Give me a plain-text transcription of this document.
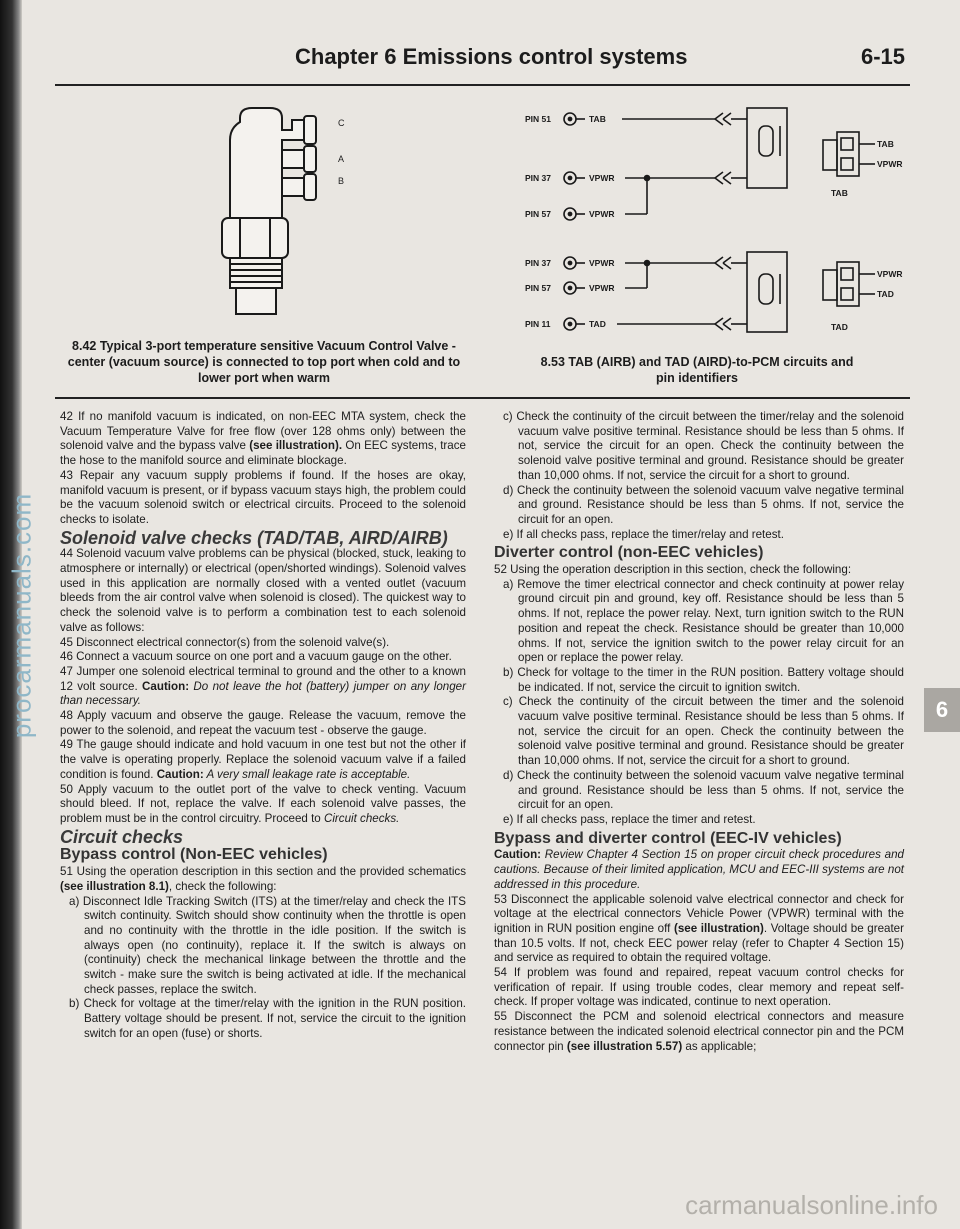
procarmanuals.com
carmanualsonline.info
Chapter 6 Emissions control systems	6-15
C
A
B
8.42 Typical 3-port temperature sensitive Vacuum Control Valve - center (vacuum source) is connected to top port when cold and to lower port when warm
PIN 51	TAB
PIN 37	VPWR
PIN 57	VPWR
TAB
VPWR
TAB
PIN 37	VPWR
PIN 57	VPWR
PIN 11	TAD
VPWR
TAD
TAD
8.53 TAB (AIRB) and TAD (AIRD)-to-PCM circuits and pin identifiers

42 If no manifold vacuum is indicated, on non-EEC MTA system, check the Vacuum Temperature Valve for free flow (over 128 ohms only) between the solenoid valve and the bypass valve (see illustration). On EEC systems, trace the hose to the manifold source and eliminate blockage.

43 Repair any vacuum supply problems if found. If the hoses are okay, manifold vacuum is present, or if bypass vacuum stays high, the problem could be the vacuum solenoid switch or electrical circuits. Proceed to the solenoid checks to isolate.

Solenoid valve checks (TAD/TAB, AIRD/AIRB)

44 Solenoid vacuum valve problems can be physical (blocked, stuck, leaking to atmosphere or internally) or electrical (open/shorted windings). Solenoid valves used in this application are normally closed with a vented outlet (vacuum bleeds from the air control valve when solenoid is closed). The quickest way to check the solenoid valve is to perform a combination test to each solenoid valve as follows:

45 Disconnect electrical connector(s) from the solenoid valve(s).

46 Connect a vacuum source on one port and a vacuum gauge on the other.

47 Jumper one solenoid electrical terminal to ground and the other to a known 12 volt source. Caution: Do not leave the hot (battery) jumper on any longer than necessary.

48 Apply vacuum and observe the gauge. Release the vacuum, remove the power to the solenoid, and repeat the vacuum test - observe the gauge.

49 The gauge should indicate and hold vacuum in one test but not the other if the valve is operating properly. Replace the solenoid vacuum valve if a failed condition is found. Caution: A very small leakage rate is acceptable.

50 Apply vacuum to the outlet port of the valve to check venting. Vacuum should bleed. If not, replace the valve. If each solenoid valve passes, the problem must be in the control circuitry. Proceed to Circuit checks.

Circuit checks
Bypass control (Non-EEC vehicles)

51 Using the operation description in this section and the provided schematics (see illustration 8.1), check the following:

a) Disconnect Idle Tracking Switch (ITS) at the timer/relay and check the ITS switch continuity. Switch should show continuity when the throttle is open and no continuity with the throttle in the idle position. If the switch is always open (no continuity), replace it. If the switch is always on (continuity) check the mechanical linkage between the throttle and the switch - make sure the switch is being activated at idle. If the mechanical check passes, replace the switch.

b) Check for voltage at the timer/relay with the ignition in the RUN position. Battery voltage should be present. If not, service the circuit to the ignition switch for an open (fuse) or shorts.

c) Check the continuity of the circuit between the timer/relay and the solenoid vacuum valve positive terminal. Resistance should be less than 5 ohms. If not, service the circuit for an open. Check the continuity between the solenoid valve positive terminal and ground. Resistance should be greater than 10,000 ohms. If not, service the circuit for a short to ground.

d) Check the continuity between the solenoid vacuum valve negative terminal and ground. Resistance should be less than 5 ohms. If not, service the circuit for an open.

e) If all checks pass, replace the timer/relay and retest.

Diverter control (non-EEC vehicles)

52 Using the operation description in this section, check the following:

a) Remove the timer electrical connector and check continuity at power relay ground circuit pin and ground, key off. Resistance should be less than 5 ohms. If not, replace the power relay. Next, turn ignition switch to the RUN position and repeat the check. Resistance should be greater than 10,000 ohms. If not, service the ignition switch to the power relay circuit for an open or replace the power relay.

b) Check for voltage to the timer in the RUN position. Battery voltage should be indicated. If not, service the circuit to ignition switch.

c) Check the continuity of the circuit between the timer and the solenoid vacuum valve positive terminal. Resistance should be less than 5 ohms. If not, service the circuit for an open. Check the continuity between the solenoid valve positive terminal and ground. Resistance should be greater than 10,000 ohms. If not, service the circuit for a short to ground.

d) Check the continuity between the solenoid vacuum valve negative terminal and ground. Resistance should be less than 5 ohms. If not, service the circuit for an open.

e) If all checks pass, replace the timer and retest.

Bypass and diverter control (EEC-IV vehicles)

Caution: Review Chapter 4 Section 15 on proper circuit check procedures and cautions. Because of their limited application, MCU and EEC-III systems are not addressed in this procedure.

53 Disconnect the applicable solenoid valve electrical connector and check for voltage at the electrical connectors Vehicle Power (VPWR) terminal with the ignition in RUN position engine off (see illustration). Voltage should be greater than 10.5 volts. If not, check EEC power relay (refer to Chapter 4 Section 15) and service as required to obtain the required voltage.

54 If problem was found and repaired, repeat vacuum control checks for verification of repair. If using trouble codes, clear memory and repeat self-check. If proper voltage was indicated, continue to next operation.

55 Disconnect the PCM and solenoid electrical connectors and measure resistance between the indicated solenoid electrical connector pin and the PCM connector pin (see illustration 5.57) as applicable;

6
